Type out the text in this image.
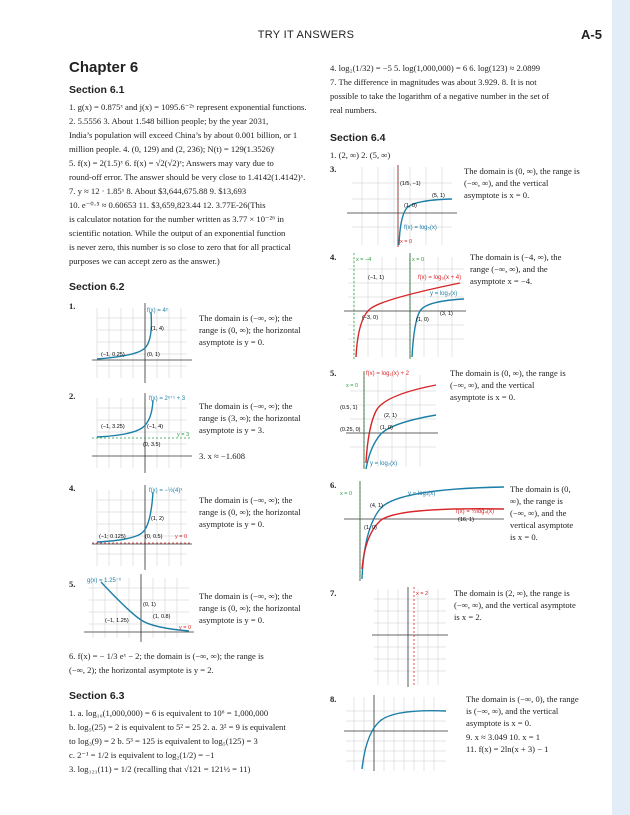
TRY IT ANSWERS	A-5
Chapter 6
Section 6.1

1. g(x) = 0.875ˣ and j(x) = 1095.6⁻²ˣ represent exponential functions.

2. 5.5556 3. About 1.548 billion people; by the year 2031,

India’s population will exceed China’s by about 0.001 billion, or 1

million people. 4. (0, 129) and (2, 236); N(t) = 129(1.3526)ᵗ

5. f(x) = 2(1.5)ˣ 6. f(x) = √2(√2)ˣ; Answers may vary due to

round-off error. The answer should be very close to 1.4142(1.4142)ˣ.

7. y ≈ 12 · 1.85ˣ 8. About $3,644,675.88 9. $13,693

10. e⁻⁰·⁵ ≈ 0.60653 11. $3,659,823.44 12. 3.77E-26(This

is calculator notation for the number written as 3.77 × 10⁻²⁶ in

scientific notation. While the output of an exponential function

is never zero, this number is so close to zero that for all practical

purposes we can accept zero as the answer.)

Section 6.2
1.	f(x) = 4ˣ
(1, 4)
(−1, 0.25)	(0, 1)
The domain is (−∞, ∞); the range is (0, ∞); the horizontal asymptote is y = 0.
2.	f(x) = 2ˣ⁺¹ + 3
(−1, 3.25)	(−1, 4)
(0, 3.5)
y = 3
The domain is (−∞, ∞); the range is (3, ∞); the horizontal asymptote is y = 3.
3. x ≈ −1.608
4.	f(x) = −½(4)ˣ
(1, 2)
(−1; 0.125)	(0, 0.5) y = 0
The domain is (−∞, ∞); the range is (0, ∞); the horizontal asymptote is y = 0.
5. g(x) = 1.25⁻ˣ
(0, 1)
(−1, 1.25)
(1, 0.8)
y = 0
The domain is (−∞, ∞); the range is (0, ∞); the horizontal asymptote is y = 0.

6. f(x) = − 1/3 eˣ − 2; the domain is (−∞, ∞); the range is

(−∞, 2); the horizontal asymptote is y = 2.

Section 6.3

1. a. log₁₀(1,000,000) = 6 is equivalent to 10⁶ = 1,000,000

b. log₅(25) = 2 is equivalent to 5² = 25 2. a. 3² = 9 is equivalent

to log₃(9) = 2 b. 5³ = 125 is equivalent to log₅(125) = 3

c. 2⁻¹ = 1/2 is equivalent to log₂(1/2) = −1

3. log₁₂₁(11) = 1/2 (recalling that √121 = 121½ = 11)

4. log₂(1/32) = −5 5. log(1,000,000) = 6 6. log(123) ≈ 2.0899

7. The difference in magnitudes was about 3.929. 8. It is not

possible to take the logarithm of a negative number in the set of

real numbers.

Section 6.4

1. (2, ∞) 2. (5, ∞)

3.
f(x) = log₅(x)
(1/5, −1)
(1, 0)
(5, 1)
x = 0
The domain is (0, ∞), the range is (−∞, ∞), and the vertical asymptote is x = 0.
4.
f(x) = log₃(x + 4)
(−1, 1)
(−3, 0)	(1, 0)
(3, 1)
x = −4	x = 0
y = log₃(x)
The domain is (−4, ∞), the range (−∞, ∞), and the asymptote x = −4.
5.	f(x) = log₂(x) + 2
(0.5, 1)
(0.25, 0)	(1, 0)
(2, 1)
x = 0
y = log₂(x)
The domain is (0, ∞), the range is (−∞, ∞), and the vertical asymptote is x = 0.
6.
f(x) = ½log₄(x)
y = log₄(x)
(4, 1)
(16, 1)
(1, 0)
x = 0	The domain is (0, ∞), the range is (−∞, ∞), and the vertical asymptote is x = 0.
7.	x = 2	The domain is (2, ∞), the range is (−∞, ∞), and the vertical asymptote is x = 2.
8.	The domain is (−∞, 0), the range is (−∞, ∞), and the vertical asymptote is x = 0.
9. x ≈ 3.049 10. x = 1
11. f(x) = 2ln(x + 3) − 1
